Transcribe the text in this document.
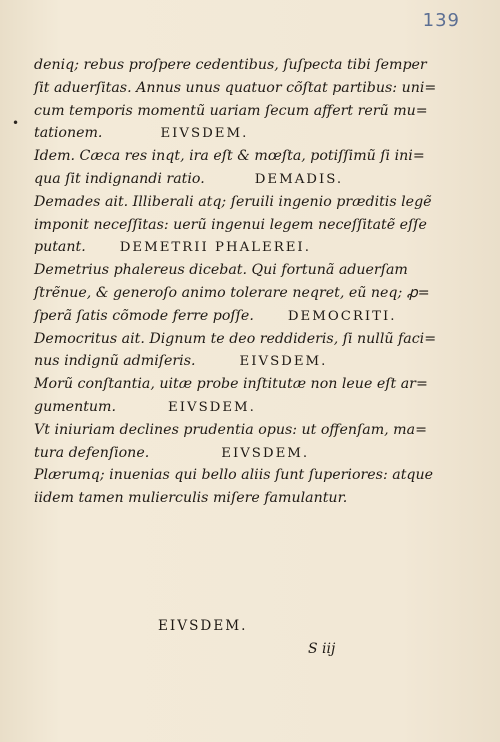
139
•
deniq; rebus proſpere cedentibus, ſuſpecta tibi ſemper
ſit aduerſitas. Annus unus quatuor cõſtat partibus: uni=
cum temporis momentũ uariam ſecum affert rerũ mu=
tationem.	EIVSDEM.
Idem. Cæca res inqt, ira eſt & mœſta, potiſſimũ ſi ini=
qua ſit indignandi ratio.	DEMADIS.
Demades ait. Illiberali atq; ſeruili ingenio præditis legẽ
imponit neceſſitas: uerũ ingenui legem neceſſitatẽ eſſe
putant.	DEMETRII PHALEREI.
Demetrius phalereus dicebat. Qui fortunã aduerſam
ſtrẽnue, & generoſo animo tolerare neqret, eũ neq; ꝓ=
ſperã ſatis cõmode ferre poſſe.	DEMOCRITI.
Democritus ait. Dignum te deo reddideris, ſi nullũ faci=
nus indignũ admiſeris.	EIVSDEM.
Morũ conſtantia, uitæ probe inſtitutæ non leue eſt ar=
gumentum.	EIVSDEM.
Vt iniuriam declines prudentia opus: ut offenſam, ma=
tura defenſione.	EIVSDEM.
Plærumq; inuenias qui bello aliis ſunt ſuperiores: atque
iidem tamen mulierculis miſere famulantur.
EIVSDEM.
S iij
